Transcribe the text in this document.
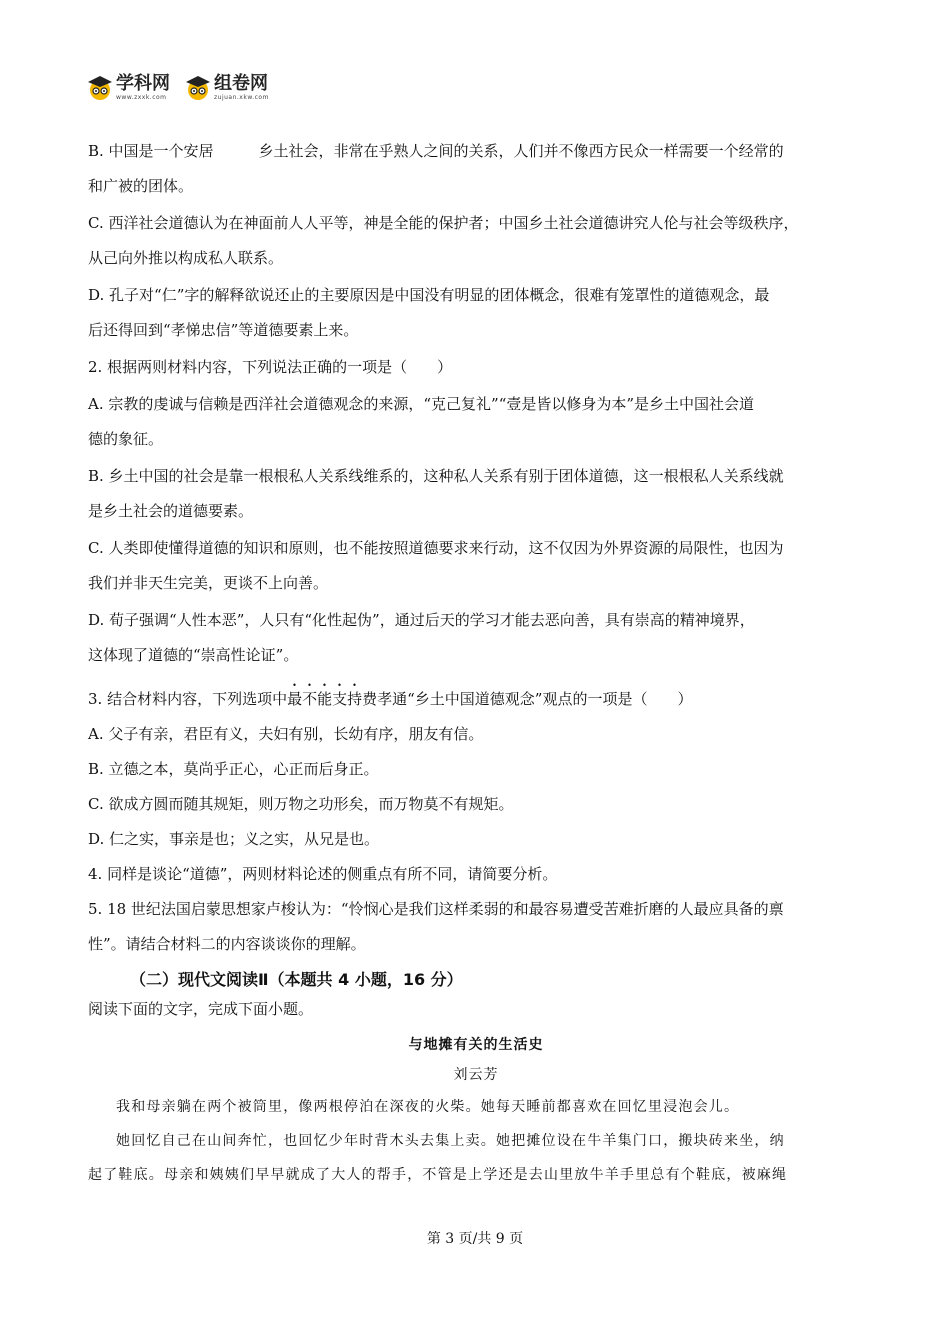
学科网
www.zxxk.com
组卷网
zujuan.xkw.com

B. 中国是一个安居　　　乡土社会，非常在乎熟人之间的关系，人们并不像西方民众一样需要一个经常的

和广被的团体。

C. 西洋社会道德认为在神面前人人平等，神是全能的保护者；中国乡土社会道德讲究人伦与社会等级秩序，

从己向外推以构成私人联系。

D. 孔子对“仁”字的解释欲说还止的主要原因是中国没有明显的团体概念，很难有笼罩性的道德观念，最

后还得回到“孝悌忠信”等道德要素上来。

2. 根据两则材料内容，下列说法正确的一项是（　　）

A. 宗教的虔诚与信赖是西洋社会道德观念的来源，“克己复礼”“壹是皆以修身为本”是乡土中国社会道

德的象征。

B. 乡土中国的社会是靠一根根私人关系线维系的，这种私人关系有别于团体道德，这一根根私人关系线就

是乡土社会的道德要素。

C. 人类即使懂得道德的知识和原则，也不能按照道德要求来行动，这不仅因为外界资源的局限性，也因为

我们并非天生完美，更谈不上向善。

D. 荀子强调“人性本恶”，人只有“化性起伪”，通过后天的学习才能去恶向善，具有崇高的精神境界，

这体现了道德的“崇高性论证”。

3. 结合材料内容，下列选项中最不能支持费孝通“乡土中国道德观念”观点的一项是（　　）

A. 父子有亲，君臣有义，夫妇有别，长幼有序，朋友有信。

B. 立德之本，莫尚乎正心，心正而后身正。

C. 欲成方圆而随其规矩，则万物之功形矣，而万物莫不有规矩。

D. 仁之实，事亲是也；义之实，从兄是也。

4. 同样是谈论“道德”，两则材料论述的侧重点有所不同，请简要分析。

5. 18 世纪法国启蒙思想家卢梭认为：“怜悯心是我们这样柔弱的和最容易遭受苦难折磨的人最应具备的禀

性”。请结合材料二的内容谈谈你的理解。

（二）现代文阅读Ⅱ（本题共 4 小题，16 分）

阅读下面的文字，完成下面小题。

与地摊有关的生活史
刘云芳

我和母亲躺在两个被筒里，像两根停泊在深夜的火柴。她每天睡前都喜欢在回忆里浸泡会儿。

她回忆自己在山间奔忙，也回忆少年时背木头去集上卖。她把摊位设在牛羊集门口，搬块砖来坐，纳

起了鞋底。母亲和姨姨们早早就成了大人的帮手，不管是上学还是去山里放牛羊手里总有个鞋底，被麻绳

第 3 页/共 9 页
